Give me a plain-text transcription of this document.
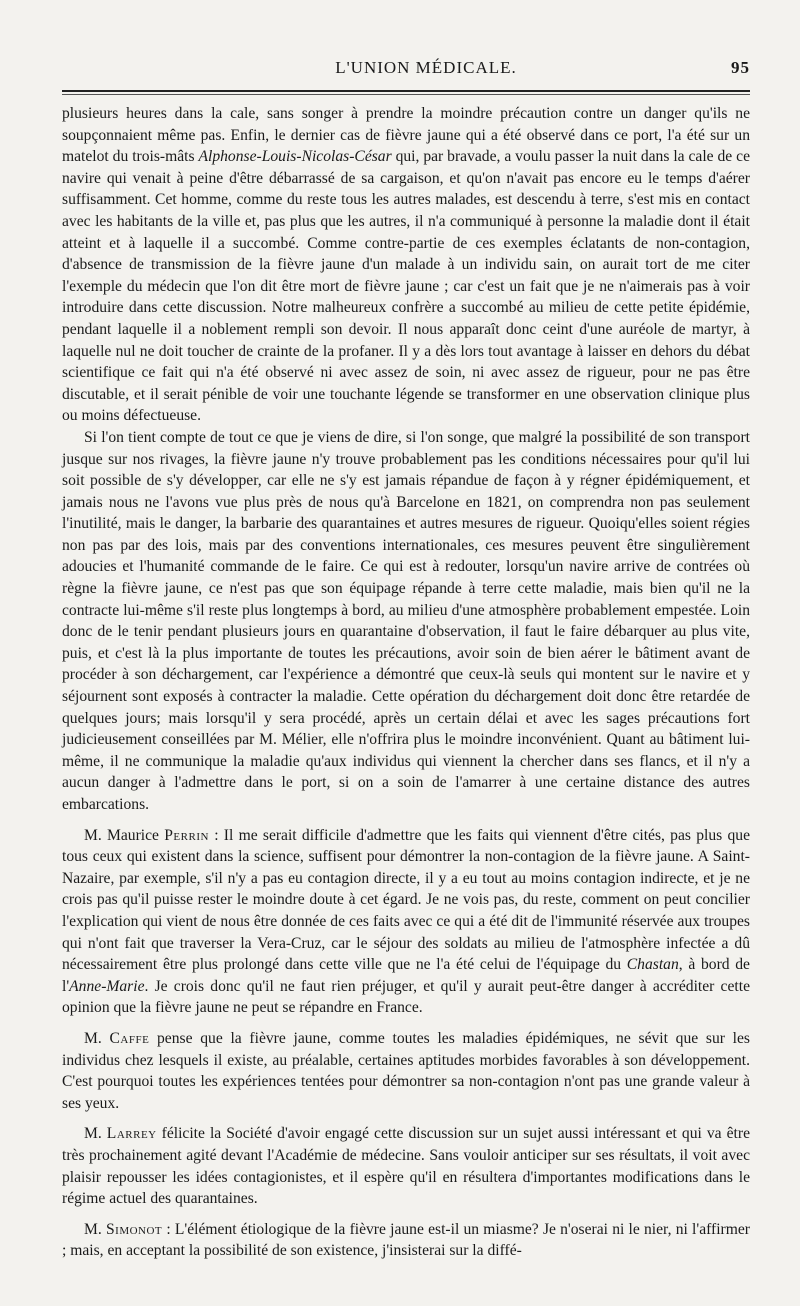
L'UNION MÉDICALE.	95

plusieurs heures dans la cale, sans songer à prendre la moindre précaution contre un danger qu'ils ne soupçonnaient même pas. Enfin, le dernier cas de fièvre jaune qui a été observé dans ce port, l'a été sur un matelot du trois-mâts Alphonse-Louis-Nicolas-César qui, par bravade, a voulu passer la nuit dans la cale de ce navire qui venait à peine d'être débarrassé de sa cargaison, et qu'on n'avait pas encore eu le temps d'aérer suffisamment. Cet homme, comme du reste tous les autres malades, est descendu à terre, s'est mis en contact avec les habitants de la ville et, pas plus que les autres, il n'a communiqué à personne la maladie dont il était atteint et à laquelle il a succombé. Comme contre-partie de ces exemples éclatants de non-contagion, d'absence de transmission de la fièvre jaune d'un malade à un individu sain, on aurait tort de me citer l'exemple du médecin que l'on dit être mort de fièvre jaune ; car c'est un fait que je ne n'aimerais pas à voir introduire dans cette discussion. Notre malheureux confrère a succombé au milieu de cette petite épidémie, pendant laquelle il a noblement rempli son devoir. Il nous apparaît donc ceint d'une auréole de martyr, à laquelle nul ne doit toucher de crainte de la profaner. Il y a dès lors tout avantage à laisser en dehors du débat scientifique ce fait qui n'a été observé ni avec assez de soin, ni avec assez de rigueur, pour ne pas être discutable, et il serait pénible de voir une touchante légende se transformer en une observation clinique plus ou moins défectueuse.

Si l'on tient compte de tout ce que je viens de dire, si l'on songe, que malgré la possibilité de son transport jusque sur nos rivages, la fièvre jaune n'y trouve probablement pas les conditions nécessaires pour qu'il lui soit possible de s'y développer, car elle ne s'y est jamais répandue de façon à y régner épidémiquement, et jamais nous ne l'avons vue plus près de nous qu'à Barcelone en 1821, on comprendra non pas seulement l'inutilité, mais le danger, la barbarie des quarantaines et autres mesures de rigueur. Quoiqu'elles soient régies non pas par des lois, mais par des conventions internationales, ces mesures peuvent être singulièrement adoucies et l'humanité commande de le faire. Ce qui est à redouter, lorsqu'un navire arrive de contrées où règne la fièvre jaune, ce n'est pas que son équipage répande à terre cette maladie, mais bien qu'il ne la contracte lui-même s'il reste plus longtemps à bord, au milieu d'une atmosphère probablement empestée. Loin donc de le tenir pendant plusieurs jours en quarantaine d'observation, il faut le faire débarquer au plus vite, puis, et c'est là la plus importante de toutes les précautions, avoir soin de bien aérer le bâtiment avant de procéder à son déchargement, car l'expérience a démontré que ceux-là seuls qui montent sur le navire et y séjournent sont exposés à contracter la maladie. Cette opération du déchargement doit donc être retardée de quelques jours; mais lorsqu'il y sera procédé, après un certain délai et avec les sages précautions fort judicieusement conseillées par M. Mélier, elle n'offrira plus le moindre inconvénient. Quant au bâtiment lui-même, il ne communique la maladie qu'aux individus qui viennent la chercher dans ses flancs, et il n'y a aucun danger à l'admettre dans le port, si on a soin de l'amarrer à une certaine distance des autres embarcations.

M. Maurice Perrin : Il me serait difficile d'admettre que les faits qui viennent d'être cités, pas plus que tous ceux qui existent dans la science, suffisent pour démontrer la non-contagion de la fièvre jaune. A Saint-Nazaire, par exemple, s'il n'y a pas eu contagion directe, il y a eu tout au moins contagion indirecte, et je ne crois pas qu'il puisse rester le moindre doute à cet égard. Je ne vois pas, du reste, comment on peut concilier l'explication qui vient de nous être donnée de ces faits avec ce qui a été dit de l'immunité réservée aux troupes qui n'ont fait que traverser la Vera-Cruz, car le séjour des soldats au milieu de l'atmosphère infectée a dû nécessairement être plus prolongé dans cette ville que ne l'a été celui de l'équipage du Chastan, à bord de l'Anne-Marie. Je crois donc qu'il ne faut rien préjuger, et qu'il y aurait peut-être danger à accréditer cette opinion que la fièvre jaune ne peut se répandre en France.

M. Caffe pense que la fièvre jaune, comme toutes les maladies épidémiques, ne sévit que sur les individus chez lesquels il existe, au préalable, certaines aptitudes morbides favorables à son développement. C'est pourquoi toutes les expériences tentées pour démontrer sa non-contagion n'ont pas une grande valeur à ses yeux.

M. Larrey félicite la Société d'avoir engagé cette discussion sur un sujet aussi intéressant et qui va être très prochainement agité devant l'Académie de médecine. Sans vouloir anticiper sur ses résultats, il voit avec plaisir repousser les idées contagionistes, et il espère qu'il en résultera d'importantes modifications dans le régime actuel des quarantaines.

M. Simonot : L'élément étiologique de la fièvre jaune est-il un miasme? Je n'oserai ni le nier, ni l'affirmer ; mais, en acceptant la possibilité de son existence, j'insisterai sur la diffé-
